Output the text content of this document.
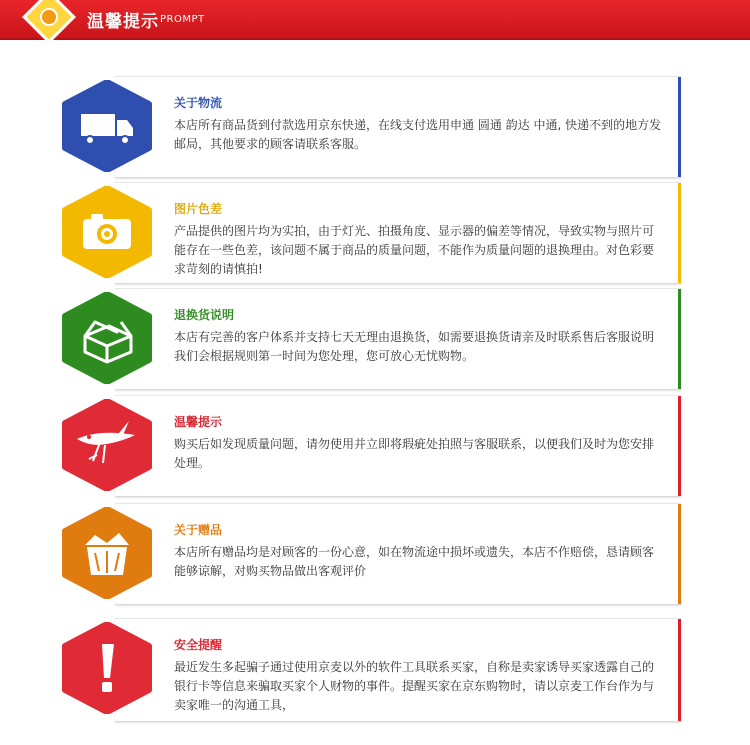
温馨提示 PROMPT
关于物流
本店所有商品货到付款选用京东快递，在线支付选用申通 圆通 韵达 中通, 快递不到的地方发邮局，其他要求的顾客请联系客服。
图片色差
产品提供的图片均为实拍，由于灯光、拍摄角度、显示器的偏差等情况，导致实物与照片可能存在一些色差，该问题不属于商品的质量问题，不能作为质量问题的退换理由。对色彩要求苛刻的请慎拍!
退换货说明
本店有完善的客户体系并支持七天无理由退换货，如需要退换货请亲及时联系售后客服说明我们会根据规则第一时间为您处理，您可放心无忧购物。
温馨提示
购买后如发现质量问题，请勿使用并立即将瑕疵处拍照与客服联系，以便我们及时为您安排处理。
关于赠品
本店所有赠品均是对顾客的一份心意，如在物流途中损坏或遗失，本店不作赔偿，恳请顾客能够谅解，对购买物品做出客观评价
安全提醒
最近发生多起骗子通过使用京麦以外的软件工具联系买家，自称是卖家诱导买家透露自己的银行卡等信息来骗取买家个人财物的事件。提醒买家在京东购物时，请以京麦工作台作为与卖家唯一的沟通工具，
